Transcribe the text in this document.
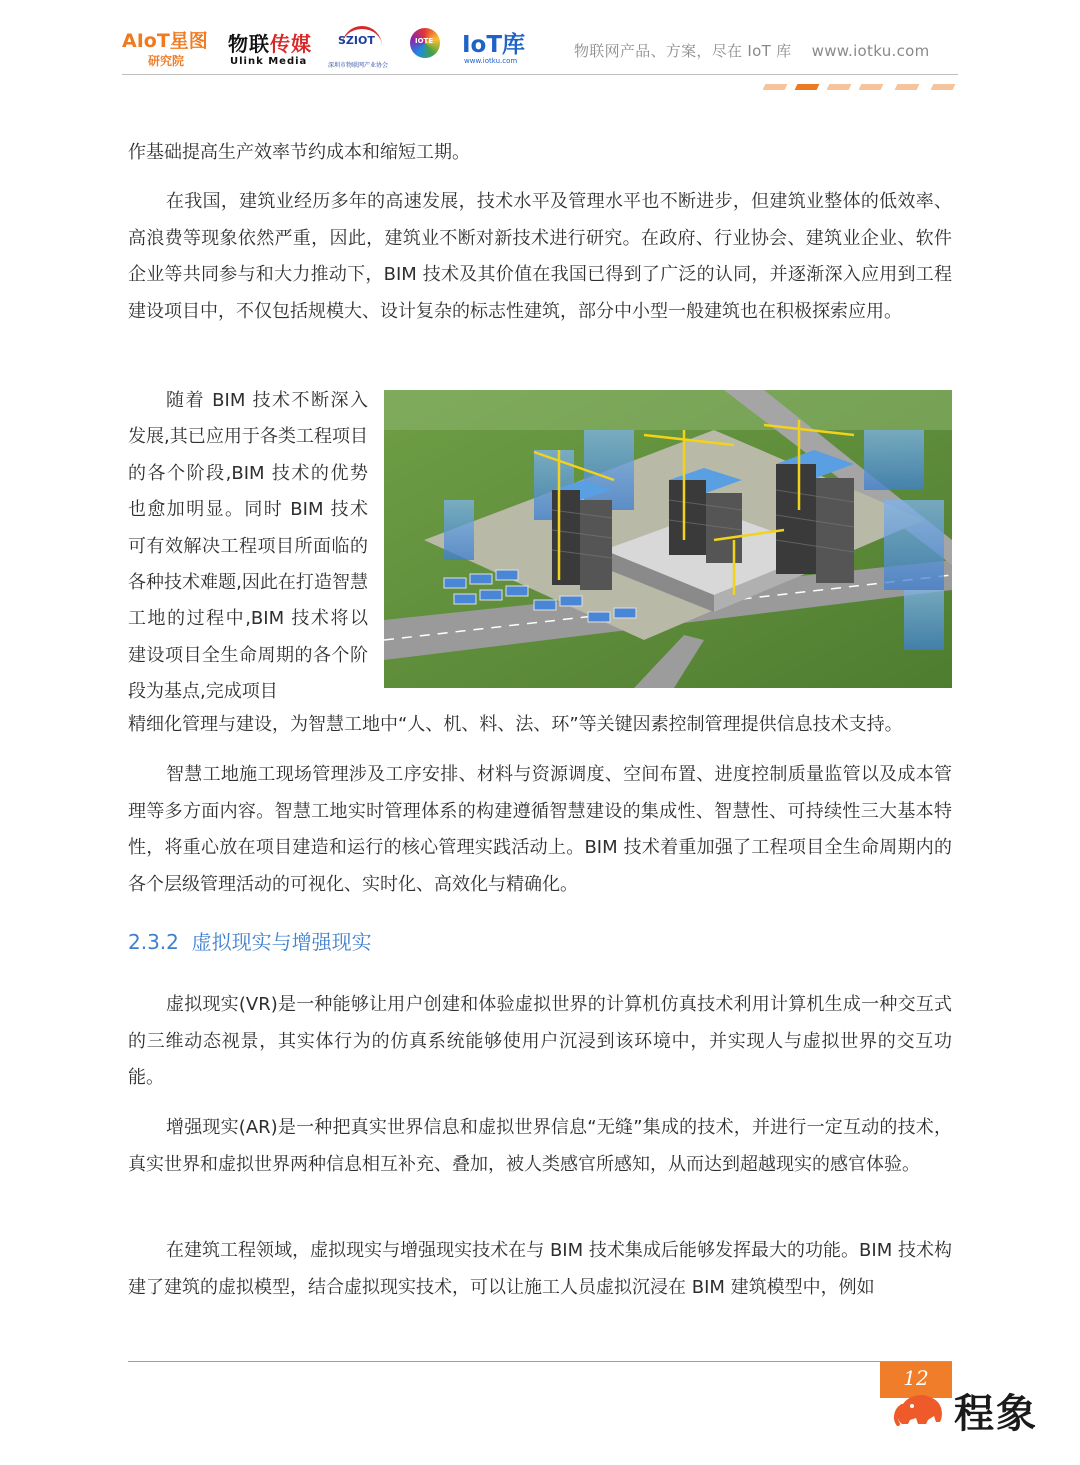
AIoT星图
研究院
物联传媒
Ulink Media
SZIOT
深圳市物联网产业协会
IOTE IoT库
www.iotku.com
物联网产品、方案，尽在 IoT 库    www.iotku.com

作基础提高生产效率节约成本和缩短工期。

在我国，建筑业经历多年的高速发展，技术水平及管理水平也不断进步，但建筑业整体的低效率、高浪费等现象依然严重，因此，建筑业不断对新技术进行研究。在政府、行业协会、建筑业企业、软件企业等共同参与和大力推动下，BIM 技术及其价值在我国已得到了广泛的认同，并逐渐深入应用到工程建设项目中，不仅包括规模大、设计复杂的标志性建筑，部分中小型一般建筑也在积极探索应用。

随着 BIM 技术不断深入发展,其已应用于各类工程项目的各个阶段,BIM 技术的优势也愈加明显。同时 BIM 技术可有效解决工程项目所面临的各种技术难题,因此在打造智慧工地的过程中,BIM 技术将以建设项目全生命周期的各个阶段为基点,完成项目

精细化管理与建设，为智慧工地中“人、机、料、法、环”等关键因素控制管理提供信息技术支持。

智慧工地施工现场管理涉及工序安排、材料与资源调度、空间布置、进度控制质量监管以及成本管理等多方面内容。智慧工地实时管理体系的构建遵循智慧建设的集成性、智慧性、可持续性三大基本特性，将重心放在项目建造和运行的核心管理实践活动上。BIM 技术着重加强了工程项目全生命周期内的各个层级管理活动的可视化、实时化、高效化与精确化。

2.3.2  虚拟现实与增强现实

虚拟现实(VR)是一种能够让用户创建和体验虚拟世界的计算机仿真技术利用计算机生成一种交互式的三维动态视景，其实体行为的仿真系统能够使用户沉浸到该环境中，并实现人与虚拟世界的交互功能。

增强现实(AR)是一种把真实世界信息和虚拟世界信息“无缝”集成的技术，并进行一定互动的技术，真实世界和虚拟世界两种信息相互补充、叠加，被人类感官所感知，从而达到超越现实的感官体验。

在建筑工程领域，虚拟现实与增强现实技术在与 BIM 技术集成后能够发挥最大的功能。BIM 技术构建了建筑的虚拟模型，结合虚拟现实技术，可以让施工人员虚拟沉浸在 BIM 建筑模型中，例如

12
程象
